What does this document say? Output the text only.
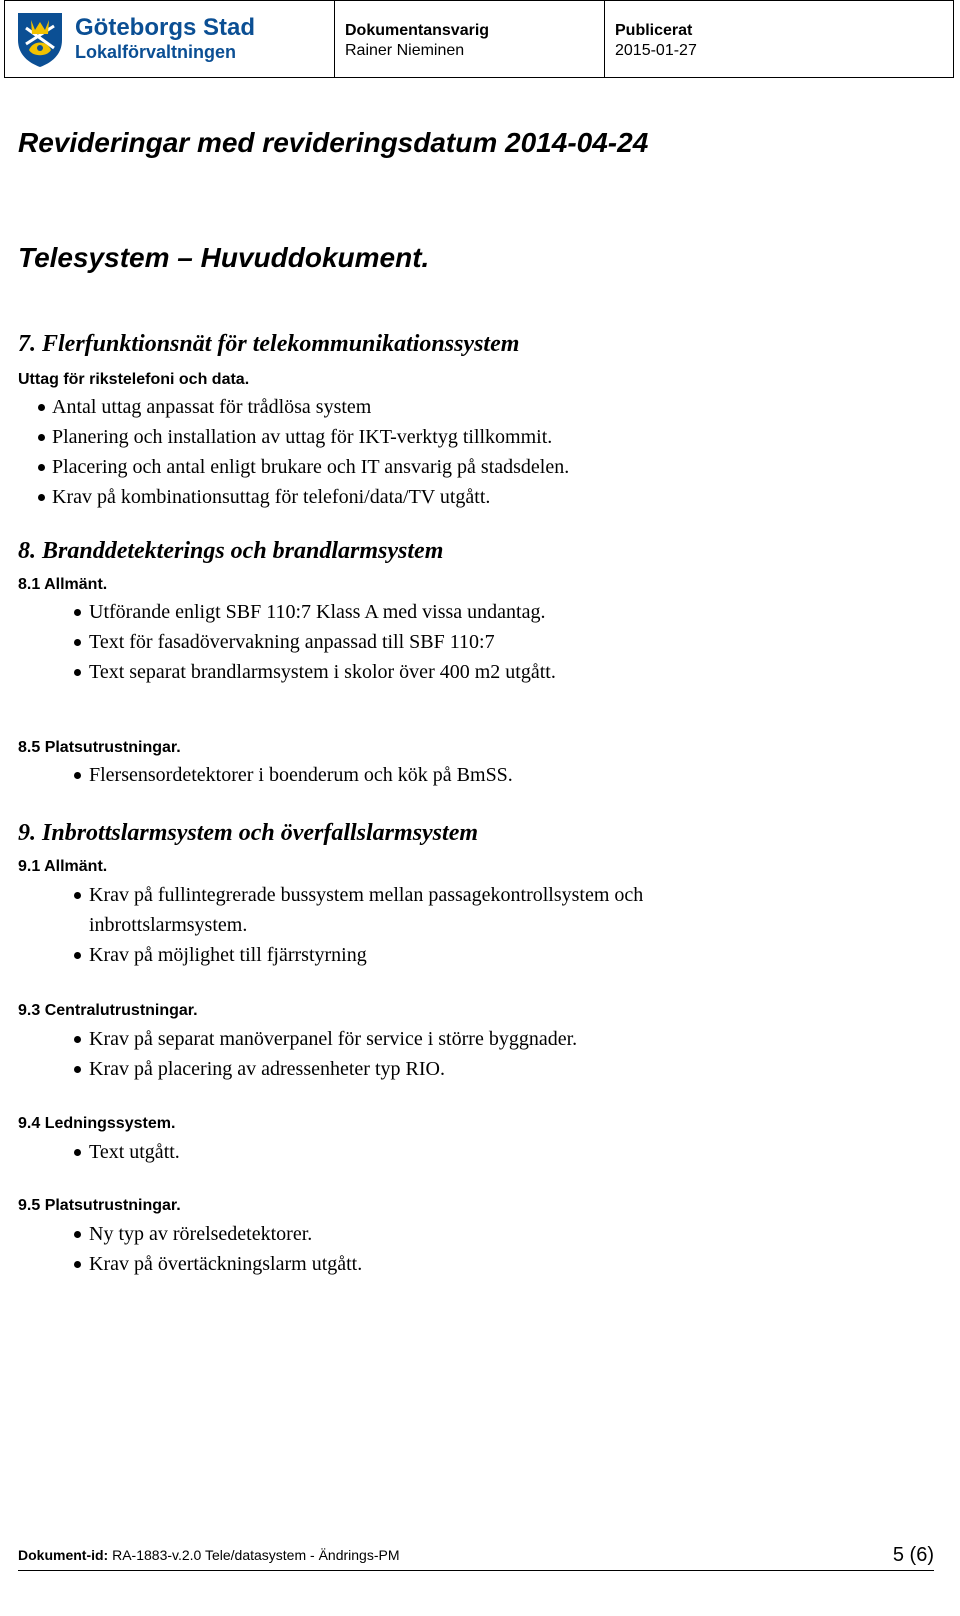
Göteborgs Stad
Lokalförvaltningen
Dokumentansvarig
Rainer Nieminen
Publicerat
2015-01-27
Revideringar med revideringsdatum 2014-04-24
Telesystem – Huvuddokument.
7. Flerfunktionsnät för telekommunikationssystem
Uttag för rikstelefoni och data.
Antal uttag anpassat för trådlösa system
Planering och installation av uttag för IKT-verktyg tillkommit.
Placering och antal enligt brukare och IT ansvarig på stadsdelen.
Krav på kombinationsuttag för telefoni/data/TV utgått.
8. Branddetekterings och brandlarmsystem
8.1 Allmänt.
Utförande enligt SBF 110:7 Klass A med vissa undantag.
Text för fasadövervakning anpassad till SBF 110:7
Text separat brandlarmsystem i skolor över 400 m2 utgått.
8.5 Platsutrustningar.
Flersensordetektorer i boenderum och kök på BmSS.
9. Inbrottslarmsystem och överfallslarmsystem
9.1 Allmänt.
Krav på fullintegrerade bussystem mellan passagekontrollsystem och
inbrottslarmsystem.
Krav på möjlighet till fjärrstyrning
9.3 Centralutrustningar.
Krav på separat manöverpanel för service i större byggnader.
Krav på placering av adressenheter typ RIO.
9.4 Ledningssystem.
Text utgått.
9.5 Platsutrustningar.
Ny typ av rörelsedetektorer.
Krav på övertäckningslarm utgått.
Dokument-id: RA-1883-v.2.0 Tele/datasystem - Ändrings-PM	5 (6)
